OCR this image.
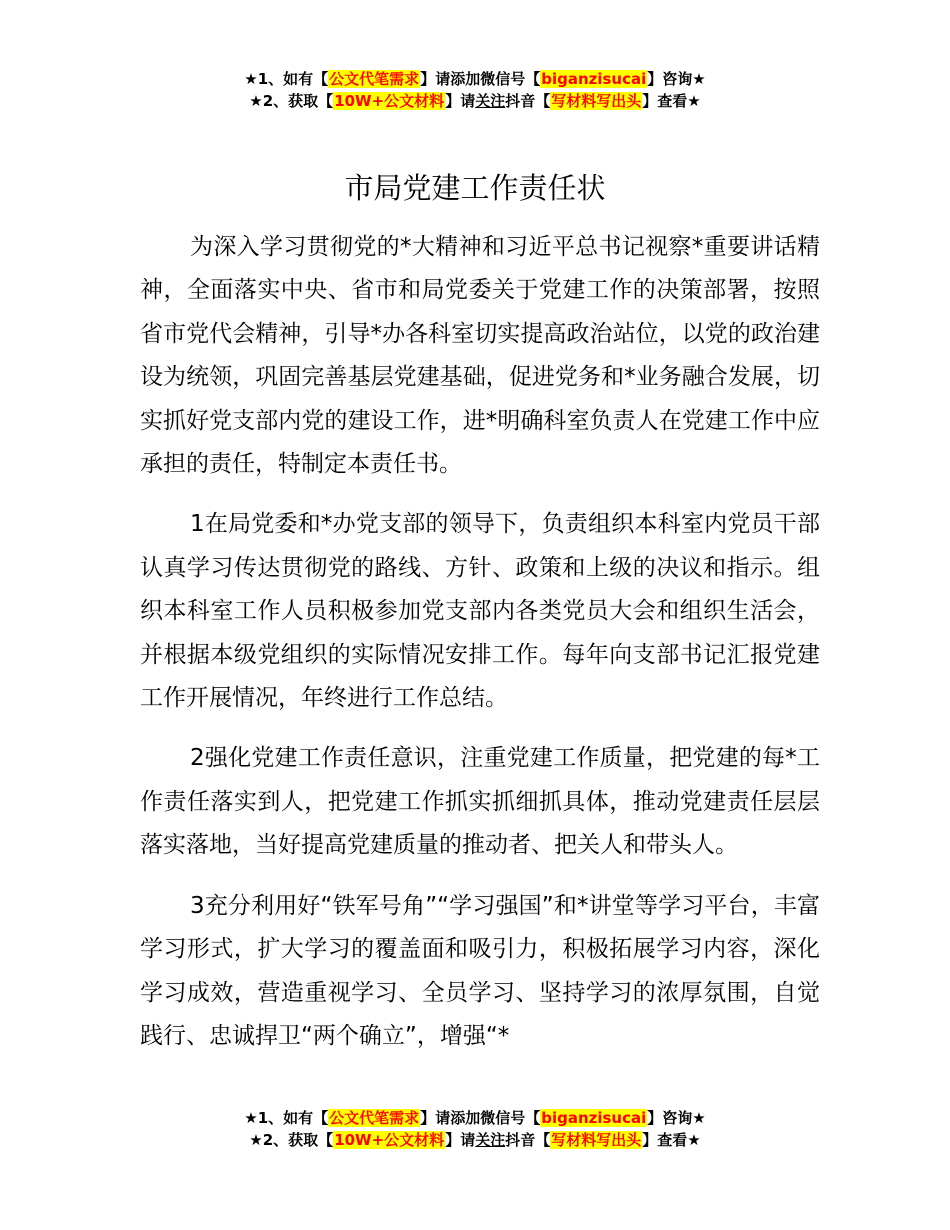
★1、如有【公文代笔需求】请添加微信号【biganzisucai】咨询★
★2、获取【10W+公文材料】请关注抖音【写材料写出头】查看★
市局党建工作责任状

为深入学习贯彻党的*大精神和习近平总书记视察*重要讲话精神，全面落实中央、省市和局党委关于党建工作的决策部署，按照省市党代会精神，引导*办各科室切实提高政治站位，以党的政治建设为统领，巩固完善基层党建基础，促进党务和*业务融合发展，切实抓好党支部内党的建设工作，进*明确科室负责人在党建工作中应承担的责任，特制定本责任书。

1在局党委和*办党支部的领导下，负责组织本科室内党员干部认真学习传达贯彻党的路线、方针、政策和上级的决议和指示。组织本科室工作人员积极参加党支部内各类党员大会和组织生活会，并根据本级党组织的实际情况安排工作。每年向支部书记汇报党建工作开展情况，年终进行工作总结。

2强化党建工作责任意识，注重党建工作质量，把党建的每*工作责任落实到人，把党建工作抓实抓细抓具体，推动党建责任层层落实落地，当好提高党建质量的推动者、把关人和带头人。

3充分利用好“铁军号角”“学习强国”和*讲堂等学习平台，丰富学习形式，扩大学习的覆盖面和吸引力，积极拓展学习内容，深化学习成效，营造重视学习、全员学习、坚持学习的浓厚氛围，自觉践行、忠诚捍卫“两个确立”，增强“*

★1、如有【公文代笔需求】请添加微信号【biganzisucai】咨询★
★2、获取【10W+公文材料】请关注抖音【写材料写出头】查看★
